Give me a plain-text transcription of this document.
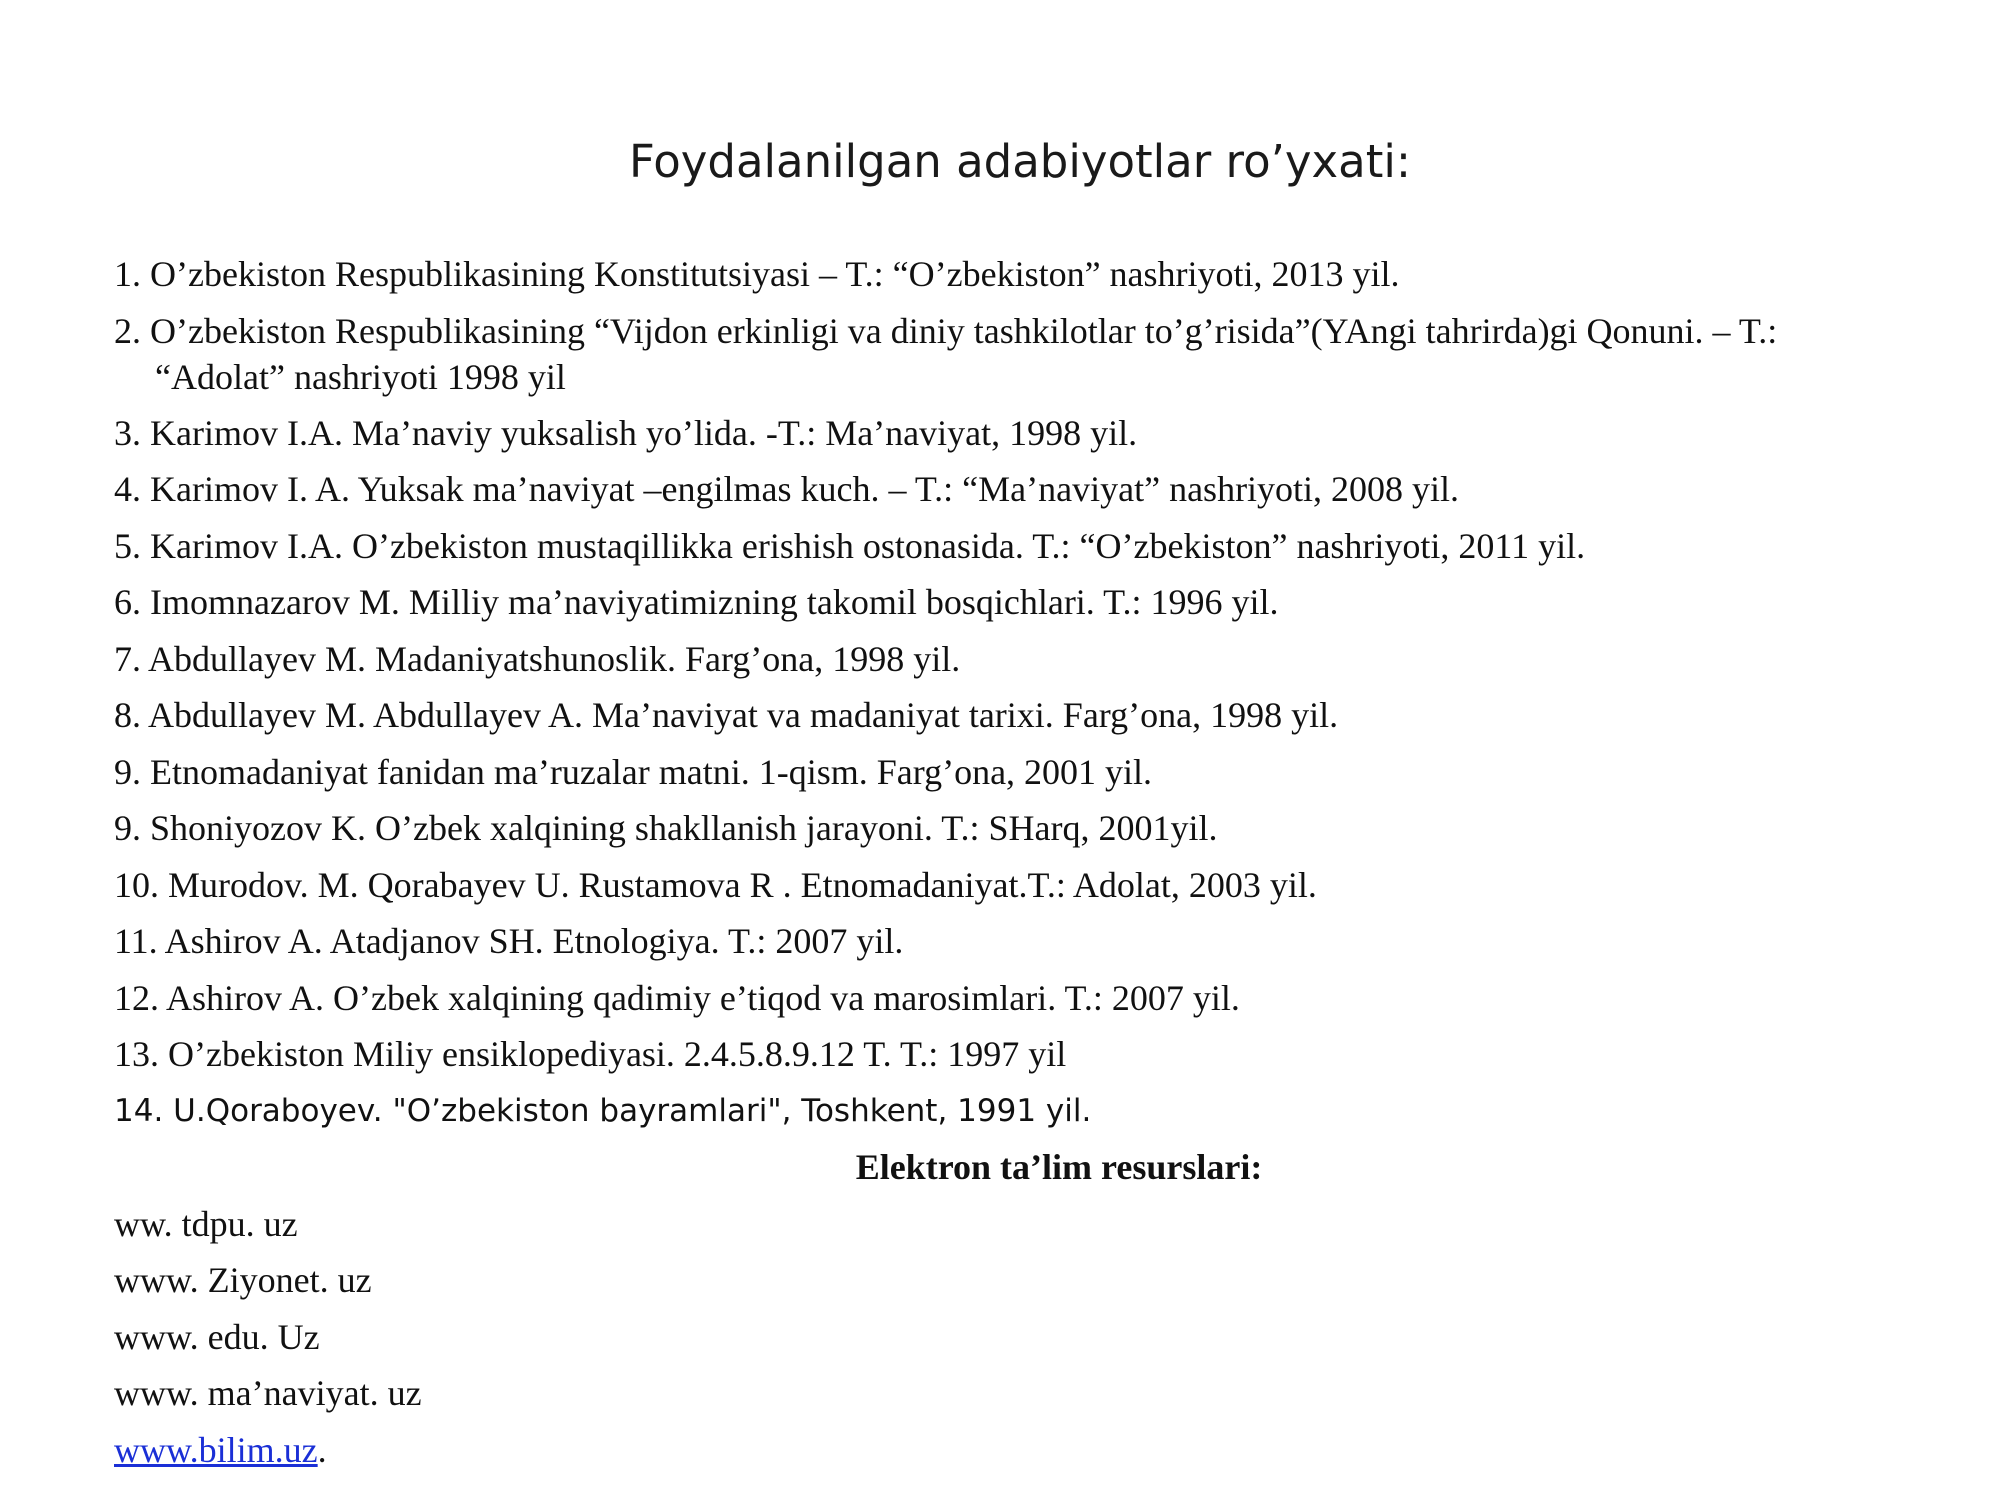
Foydalanilgan adabiyotlar ro’yxati:
1. O’zbekiston Respublikasining Konstitutsiyasi – T.: “O’zbekiston” nashriyoti, 2013 yil.
2. O’zbekiston Respublikasining “Vijdon erkinligi va diniy tashkilotlar to’g’risida”(YAngi tahrirda)gi Qonuni. – T.: “Adolat” nashriyoti 1998 yil
3. Karimov I.A. Ma’naviy yuksalish yo’lida. -T.: Ma’naviyat, 1998 yil.
4. Karimov I. A. Yuksak ma’naviyat –engilmas kuch. – T.: “Ma’naviyat” nashriyoti, 2008 yil.
5. Karimov I.A. O’zbekiston mustaqillikka erishish ostonasida. T.: “O’zbekiston” nashriyoti, 2011 yil.
6. Imomnazarov M. Milliy ma’naviyatimizning takomil bosqichlari. T.: 1996 yil.
7. Abdullayev M. Madaniyatshunoslik. Farg’ona, 1998 yil.
8. Abdullayev M. Abdullayev A. Ma’naviyat va madaniyat tarixi. Farg’ona, 1998 yil.
9. Etnomadaniyat fanidan ma’ruzalar matni. 1-qism. Farg’ona, 2001 yil.
9. Shoniyozov K. O’zbek xalqining shakllanish jarayoni. T.: SHarq, 2001yil.
10. Murodov. M. Qorabayev U. Rustamova R . Etnomadaniyat.T.: Adolat, 2003 yil.
11. Ashirov A. Atadjanov SH. Etnologiya. T.: 2007 yil.
12. Ashirov A. O’zbek xalqining qadimiy e’tiqod va marosimlari. T.: 2007 yil.
13. O’zbekiston Miliy ensiklopediyasi. 2.4.5.8.9.12 T. T.: 1997 yil
14. U.Qoraboyev. "O’zbekiston bayramlari", Toshkent, 1991 yil.
Elektron ta’lim resurslari:
ww. tdpu. uz
www. Ziyonet. uz
www. edu. Uz
www. ma’naviyat. uz
www.bilim.uz.
